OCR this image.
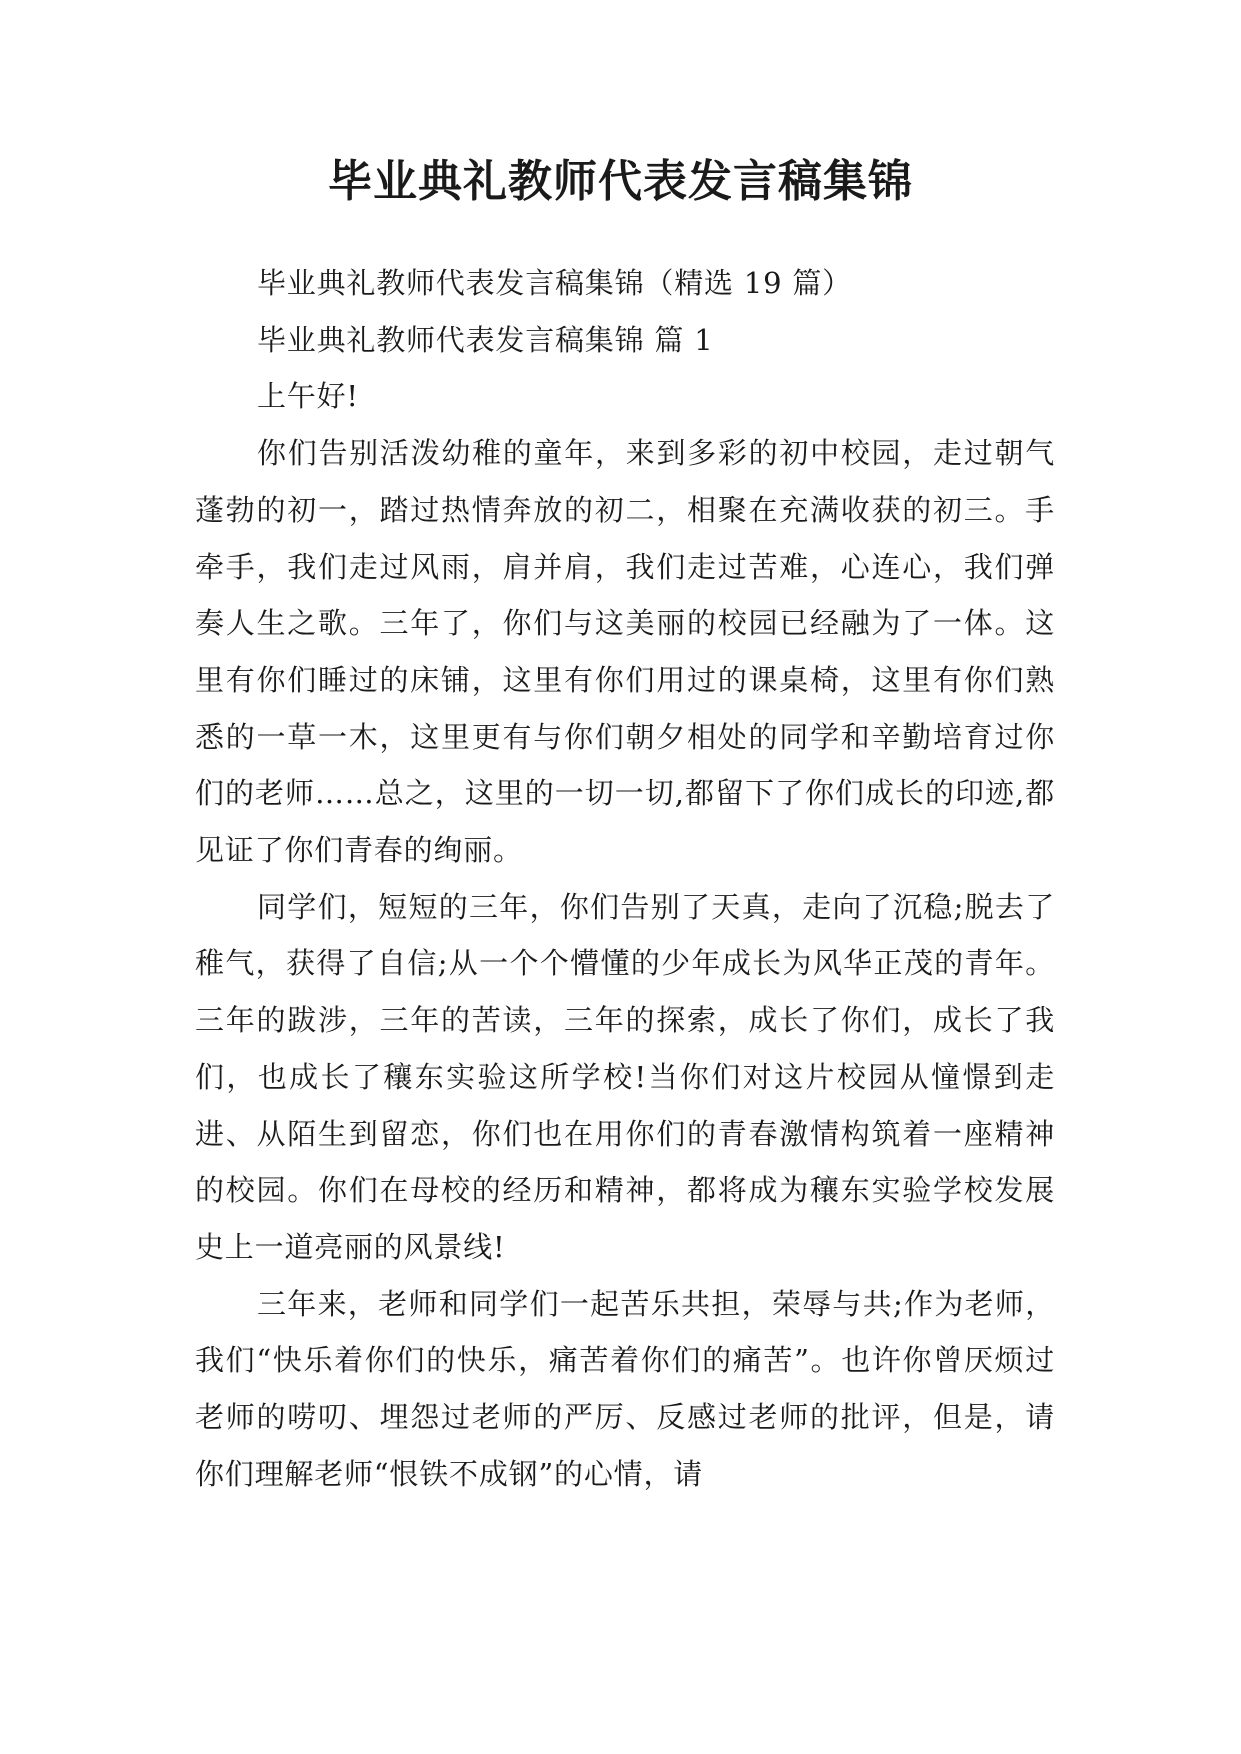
毕业典礼教师代表发言稿集锦

毕业典礼教师代表发言稿集锦（精选 19 篇）

毕业典礼教师代表发言稿集锦 篇 1

上午好!

你们告别活泼幼稚的童年，来到多彩的初中校园，走过朝气蓬勃的初一，踏过热情奔放的初二，相聚在充满收获的初三。手牵手，我们走过风雨，肩并肩，我们走过苦难，心连心，我们弹奏人生之歌。三年了，你们与这美丽的校园已经融为了一体。这里有你们睡过的床铺，这里有你们用过的课桌椅，这里有你们熟悉的一草一木，这里更有与你们朝夕相处的同学和辛勤培育过你们的老师……总之，这里的一切一切,都留下了你们成长的印迹,都见证了你们青春的绚丽。

同学们，短短的三年，你们告别了天真，走向了沉稳;脱去了稚气，获得了自信;从一个个懵懂的少年成长为风华正茂的青年。三年的跋涉，三年的苦读，三年的探索，成长了你们，成长了我们，也成长了穰东实验这所学校!当你们对这片校园从憧憬到走进、从陌生到留恋，你们也在用你们的青春激情构筑着一座精神的校园。你们在母校的经历和精神，都将成为穰东实验学校发展史上一道亮丽的风景线!

三年来，老师和同学们一起苦乐共担，荣辱与共;作为老师，我们“快乐着你们的快乐，痛苦着你们的痛苦”。也许你曾厌烦过老师的唠叨、埋怨过老师的严厉、反感过老师的批评，但是，请你们理解老师“恨铁不成钢”的心情，请
